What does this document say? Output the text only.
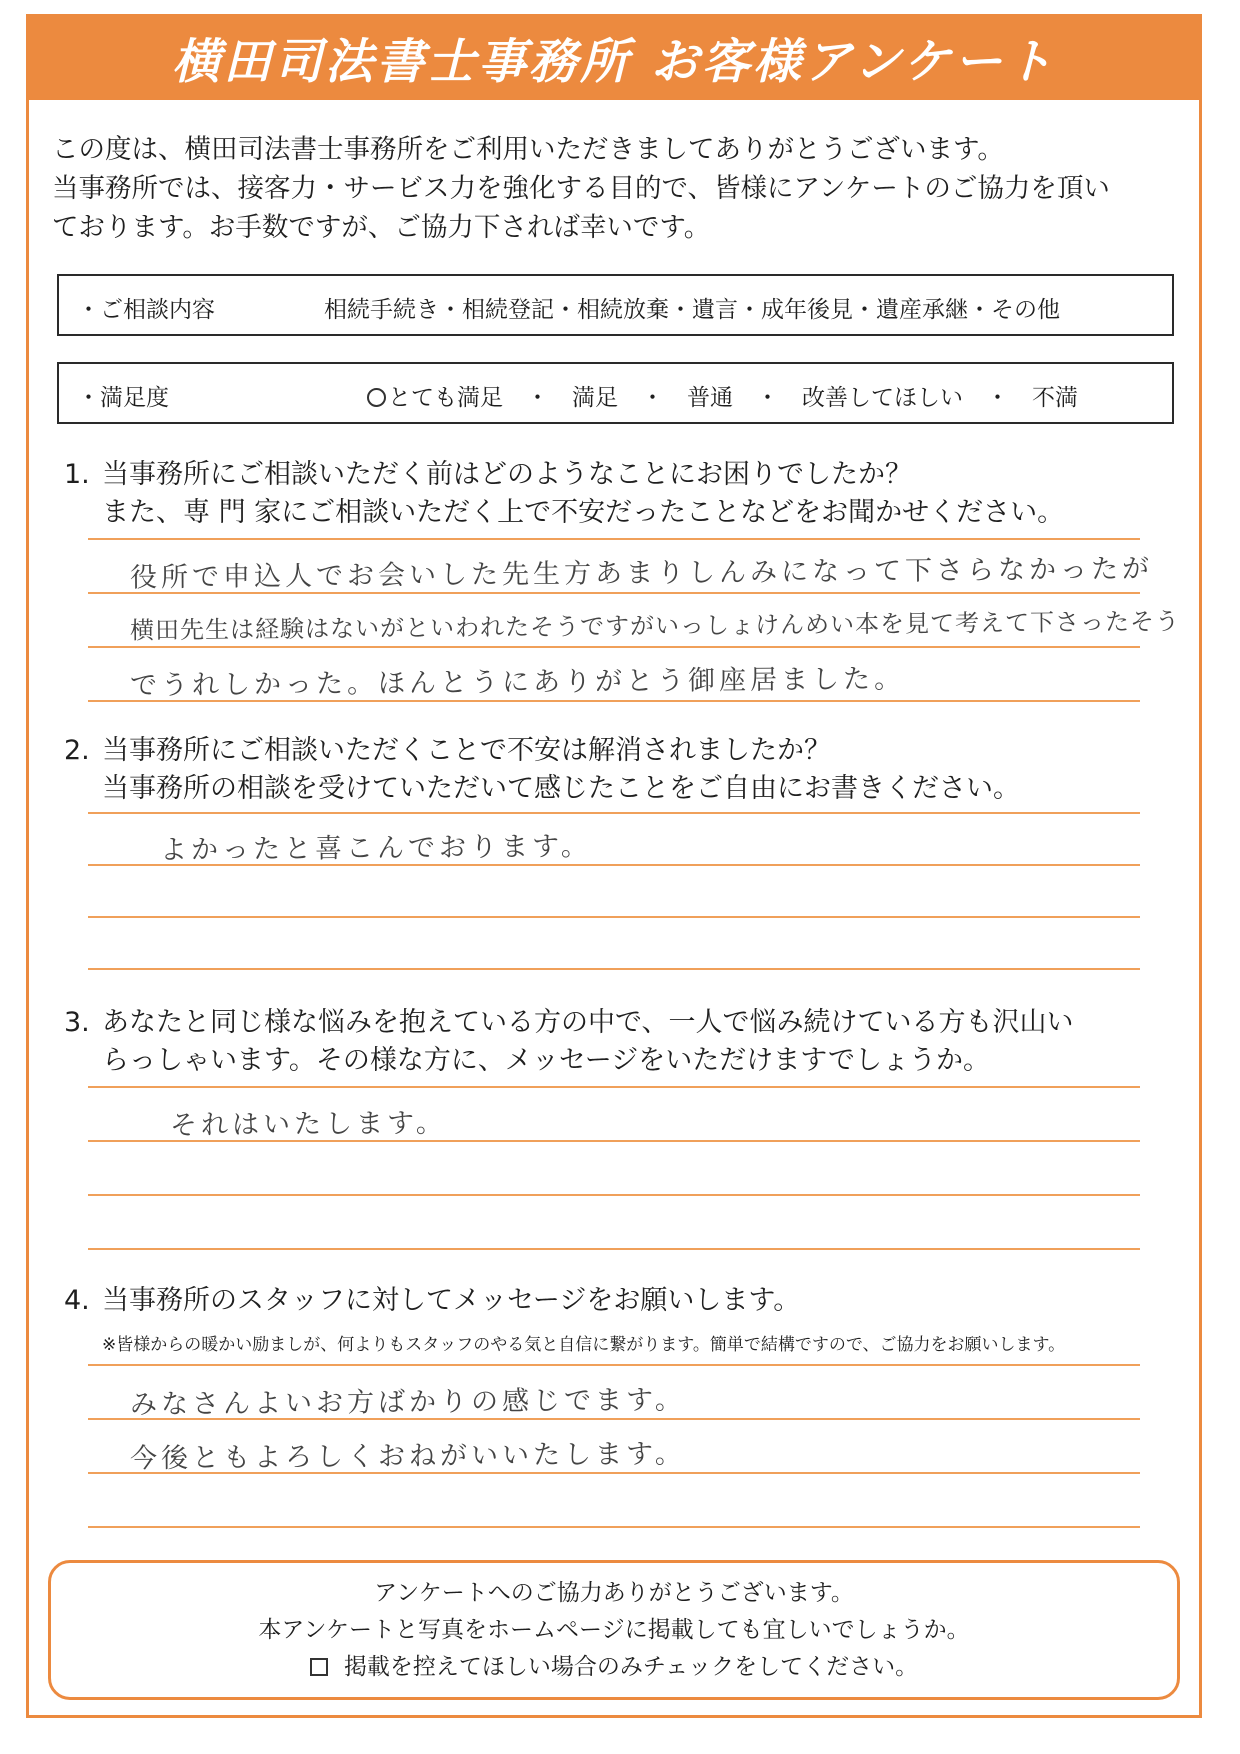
横田司法書士事務所 お客様アンケート
この度は、横田司法書士事務所をご利用いただきましてありがとうございます。
当事務所では、接客力・サービス力を強化する目的で、皆様にアンケートのご協力を頂い
ております。お手数ですが、ご協力下されば幸いです。
・ご相談内容	相続手続き・相続登記・相続放棄・遺言・成年後見・遺産承継・その他
・満足度	とても満足　・　満足　・　普通　・　改善してほしい　・　不満
1. 当事務所にご相談いただく前はどのようなことにお困りでしたか？
また、専 門 家にご相談いただく上で不安だったことなどをお聞かせください。
役所で申込人でお会いした先生方あまりしんみになって下さらなかったが
横田先生は経験はないがといわれたそうですがいっしょけんめい本を見て考えて下さったそう
でうれしかった。ほんとうにありがとう御座居ました。
2. 当事務所にご相談いただくことで不安は解消されましたか？
当事務所の相談を受けていただいて感じたことをご自由にお書きください。
よかったと喜こんでおります。
3. あなたと同じ様な悩みを抱えている方の中で、一人で悩み続けている方も沢山い
らっしゃいます。その様な方に、メッセージをいただけますでしょうか。
それはいたします。
4. 当事務所のスタッフに対してメッセージをお願いします。
※皆様からの暖かい励ましが、何よりもスタッフのやる気と自信に繋がります。簡単で結構ですので、ご協力をお願いします。
みなさんよいお方ばかりの感じでます。
今後ともよろしくおねがいいたします。
アンケートへのご協力ありがとうございます。
本アンケートと写真をホームページに掲載しても宜しいでしょうか。
掲載を控えてほしい場合のみチェックをしてください。
